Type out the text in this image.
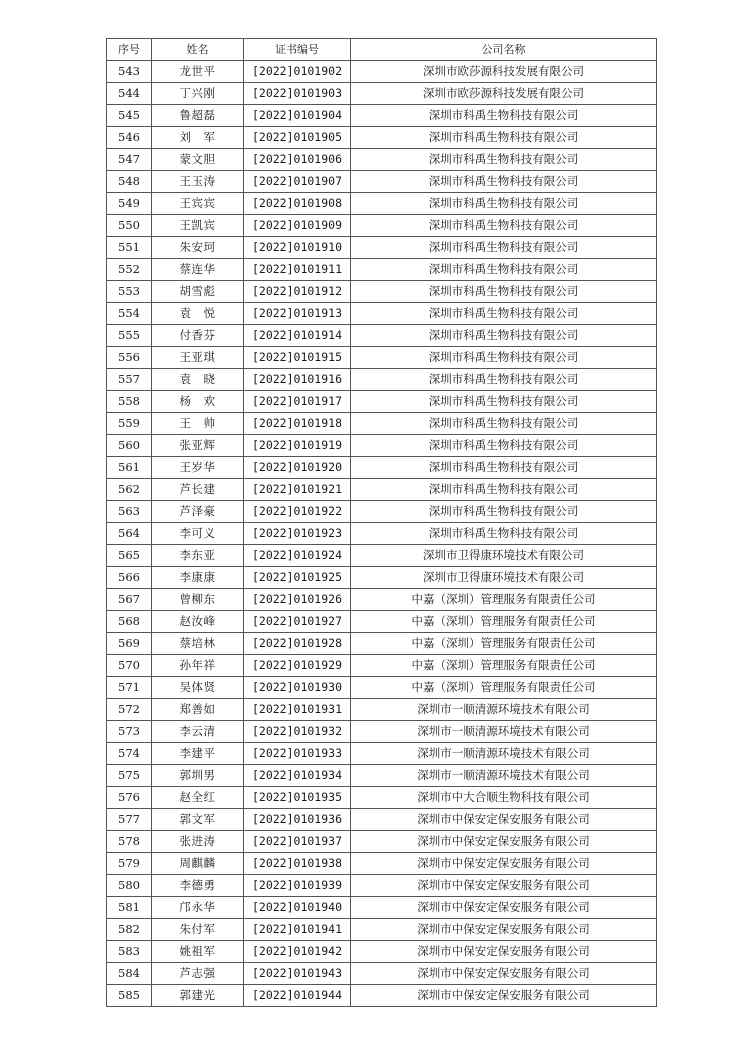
序号	姓名	证书编号	公司名称
543	龙世平	[2022]0101902	深圳市欧莎源科技发展有限公司
544	丁兴刚	[2022]0101903	深圳市欧莎源科技发展有限公司
545	鲁超磊	[2022]0101904	深圳市科禹生物科技有限公司
546	刘　军	[2022]0101905	深圳市科禹生物科技有限公司
547	蒙文胆	[2022]0101906	深圳市科禹生物科技有限公司
548	王玉涛	[2022]0101907	深圳市科禹生物科技有限公司
549	王宾宾	[2022]0101908	深圳市科禹生物科技有限公司
550	王凯宾	[2022]0101909	深圳市科禹生物科技有限公司
551	朱安珂	[2022]0101910	深圳市科禹生物科技有限公司
552	蔡连华	[2022]0101911	深圳市科禹生物科技有限公司
553	胡雪彪	[2022]0101912	深圳市科禹生物科技有限公司
554	袁　悦	[2022]0101913	深圳市科禹生物科技有限公司
555	付香芬	[2022]0101914	深圳市科禹生物科技有限公司
556	王亚琪	[2022]0101915	深圳市科禹生物科技有限公司
557	袁　晓	[2022]0101916	深圳市科禹生物科技有限公司
558	杨　欢	[2022]0101917	深圳市科禹生物科技有限公司
559	王　帅	[2022]0101918	深圳市科禹生物科技有限公司
560	张亚辉	[2022]0101919	深圳市科禹生物科技有限公司
561	王岁华	[2022]0101920	深圳市科禹生物科技有限公司
562	芦长建	[2022]0101921	深圳市科禹生物科技有限公司
563	芦泽豪	[2022]0101922	深圳市科禹生物科技有限公司
564	李可义	[2022]0101923	深圳市科禹生物科技有限公司
565	李东亚	[2022]0101924	深圳市卫得康环境技术有限公司
566	李康康	[2022]0101925	深圳市卫得康环境技术有限公司
567	曾柳东	[2022]0101926	中嘉（深圳）管理服务有限责任公司
568	赵汝峰	[2022]0101927	中嘉（深圳）管理服务有限责任公司
569	蔡培林	[2022]0101928	中嘉（深圳）管理服务有限责任公司
570	孙年祥	[2022]0101929	中嘉（深圳）管理服务有限责任公司
571	吴体贤	[2022]0101930	中嘉（深圳）管理服务有限责任公司
572	郑善如	[2022]0101931	深圳市一顺清源环境技术有限公司
573	李云清	[2022]0101932	深圳市一顺清源环境技术有限公司
574	李建平	[2022]0101933	深圳市一顺清源环境技术有限公司
575	郭圳男	[2022]0101934	深圳市一顺清源环境技术有限公司
576	赵全红	[2022]0101935	深圳市中大合顺生物科技有限公司
577	郭文军	[2022]0101936	深圳市中保安定保安服务有限公司
578	张进涛	[2022]0101937	深圳市中保安定保安服务有限公司
579	周麒麟	[2022]0101938	深圳市中保安定保安服务有限公司
580	李德勇	[2022]0101939	深圳市中保安定保安服务有限公司
581	邝永华	[2022]0101940	深圳市中保安定保安服务有限公司
582	朱付军	[2022]0101941	深圳市中保安定保安服务有限公司
583	姚祖军	[2022]0101942	深圳市中保安定保安服务有限公司
584	芦志强	[2022]0101943	深圳市中保安定保安服务有限公司
585	郭建光	[2022]0101944	深圳市中保安定保安服务有限公司
